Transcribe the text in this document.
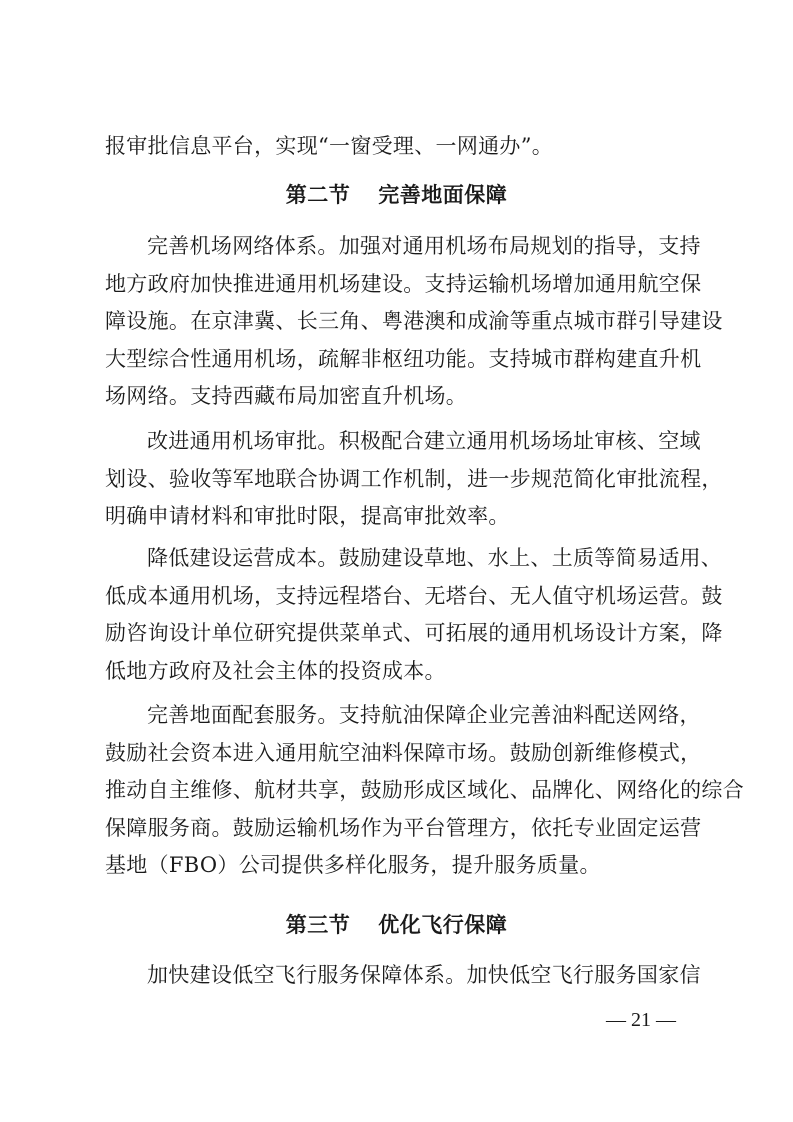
报审批信息平台，实现“一窗受理、一网通办”。
第二节 完善地面保障
完善机场网络体系。加强对通用机场布局规划的指导，支持
地方政府加快推进通用机场建设。支持运输机场增加通用航空保
障设施。在京津冀、长三角、粤港澳和成渝等重点城市群引导建设
大型综合性通用机场，疏解非枢纽功能。支持城市群构建直升机
场网络。支持西藏布局加密直升机场。
改进通用机场审批。积极配合建立通用机场场址审核、空域
划设、验收等军地联合协调工作机制，进一步规范简化审批流程，
明确申请材料和审批时限，提高审批效率。
降低建设运营成本。鼓励建设草地、水上、土质等简易适用、
低成本通用机场，支持远程塔台、无塔台、无人值守机场运营。鼓
励咨询设计单位研究提供菜单式、可拓展的通用机场设计方案，降
低地方政府及社会主体的投资成本。
完善地面配套服务。支持航油保障企业完善油料配送网络，
鼓励社会资本进入通用航空油料保障市场。鼓励创新维修模式，
推动自主维修、航材共享，鼓励形成区域化、品牌化、网络化的综合
保障服务商。鼓励运输机场作为平台管理方，依托专业固定运营
基地（FBO）公司提供多样化服务，提升服务质量。
第三节 优化飞行保障
加快建设低空飞行服务保障体系。加快低空飞行服务国家信
— 21 —
